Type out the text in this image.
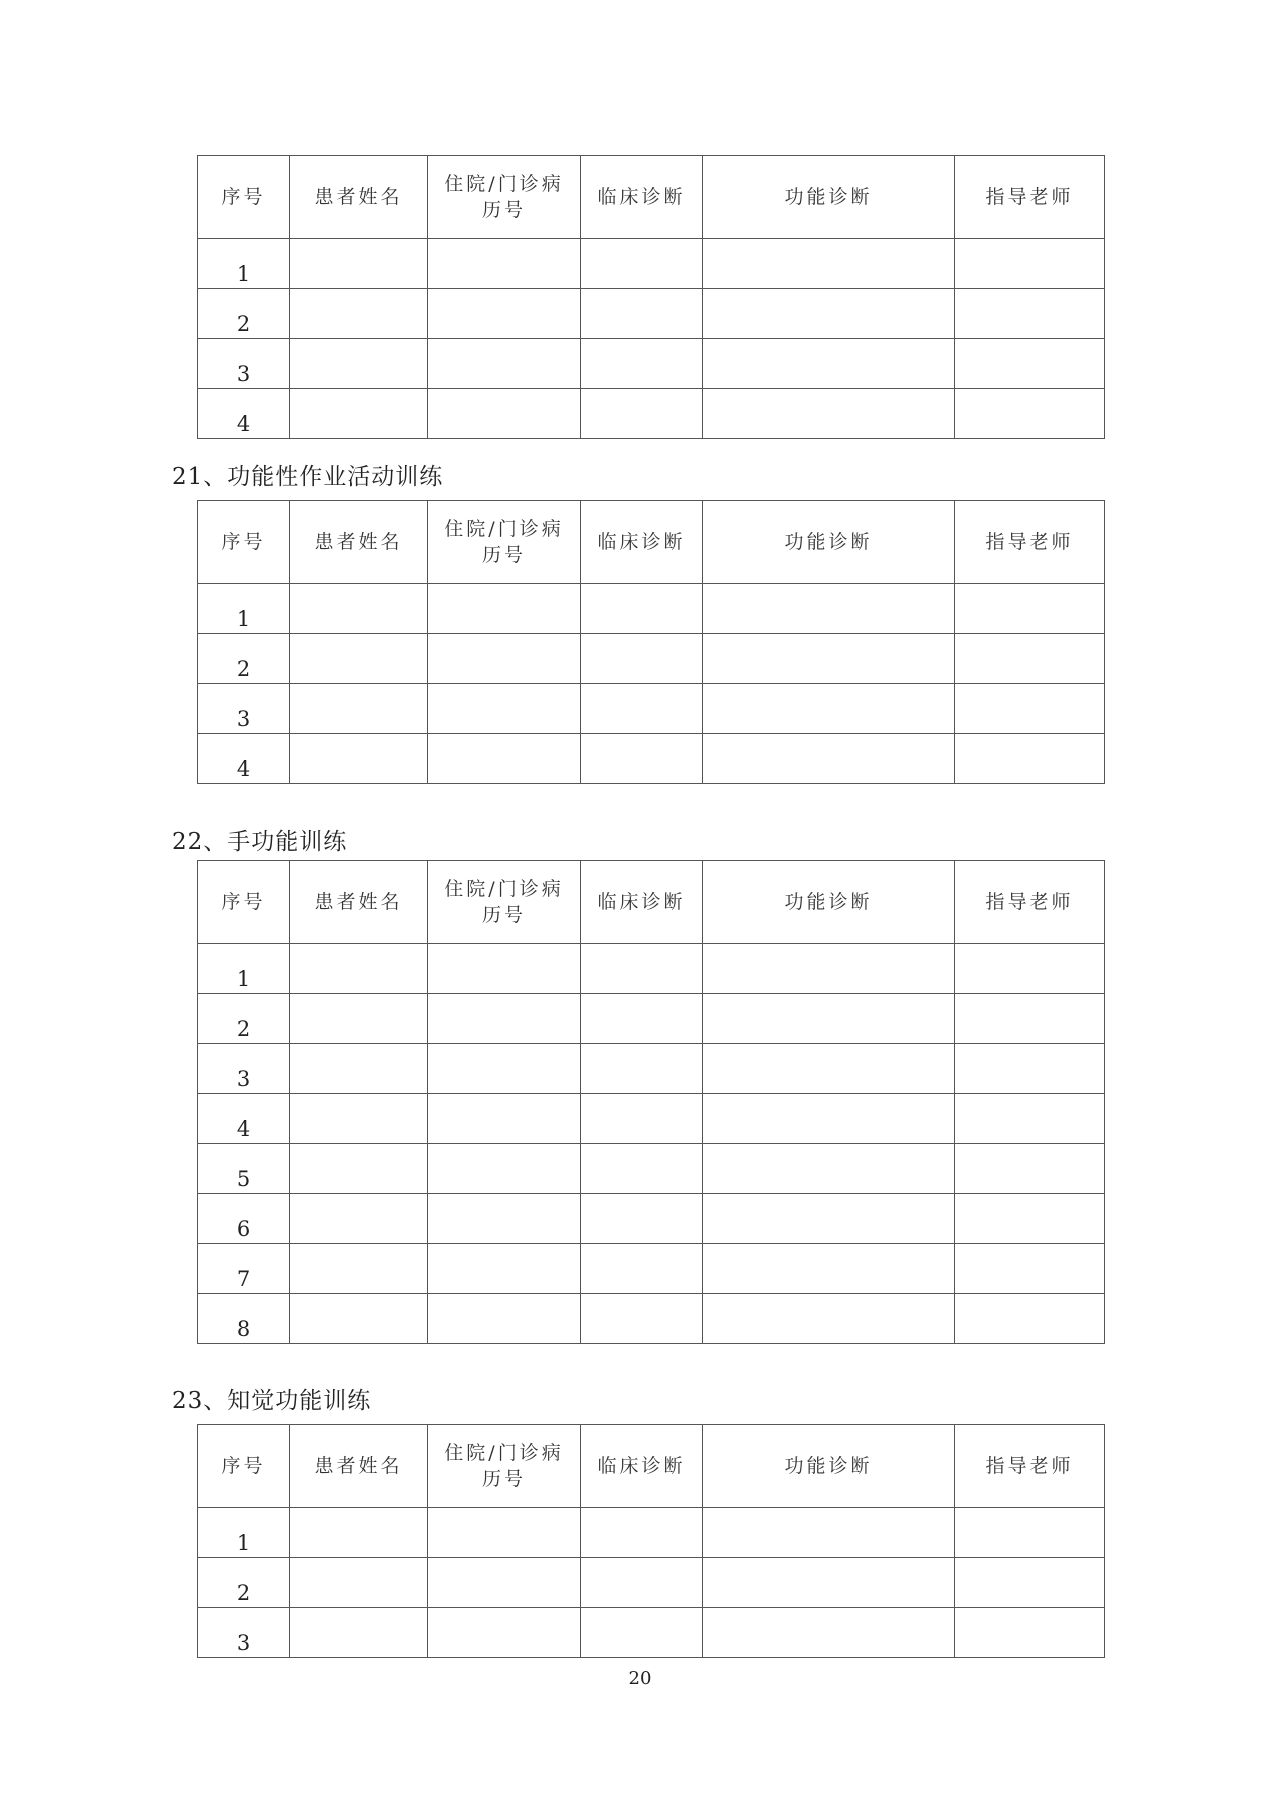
序号	患者姓名	住院/门诊病历号	临床诊断	功能诊断	指导老师
1					
2					
3					
4					
21、功能性作业活动训练
序号	患者姓名	住院/门诊病历号	临床诊断	功能诊断	指导老师
1					
2					
3					
4					
22、手功能训练
序号	患者姓名	住院/门诊病历号	临床诊断	功能诊断	指导老师
1					
2					
3					
4					
5					
6					
7					
8					
23、知觉功能训练
序号	患者姓名	住院/门诊病历号	临床诊断	功能诊断	指导老师
1					
2					
3					
20
